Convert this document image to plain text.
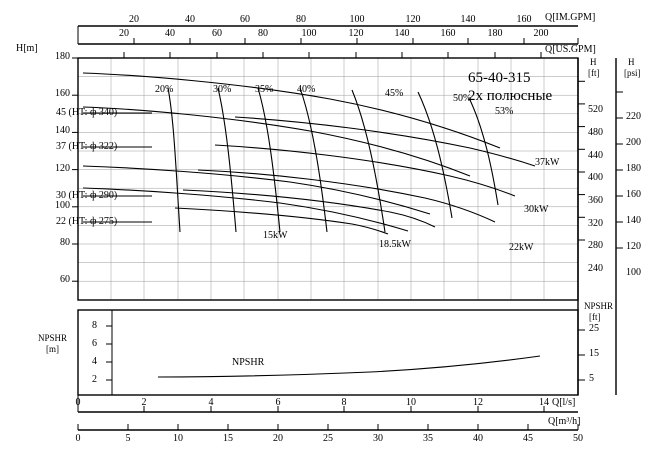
Q[IM.GPM]
Q[US.GPM]
20	40	60	80	100	120	140	160
20	40	60	80	100	120	140	160	180	200
H[m]
180
160
140
120
100
80
60
H
[ft]
520
480
440
400
360
320
280
240
H
[psi]
220
200
180
160
140
120
100
65-40-315
2х полюсные
45 (HT: ф 340)
37 (HT: ф 322)
30 (HT: ф 290)
22 (HT: ф 275)
20%	30% 35% 40%	45%	50%
53%
37kW
30kW
22kW
15kW
18.5kW
NPSHR
[m]
8
6
4
2
NPSHR
NPSHR
[ft]
25
15
5
Q[l/s]
Q[m³/h]
0	2	4	6	8	10	12	14
0	5	10	15	20	25	30	35	40	45	50
